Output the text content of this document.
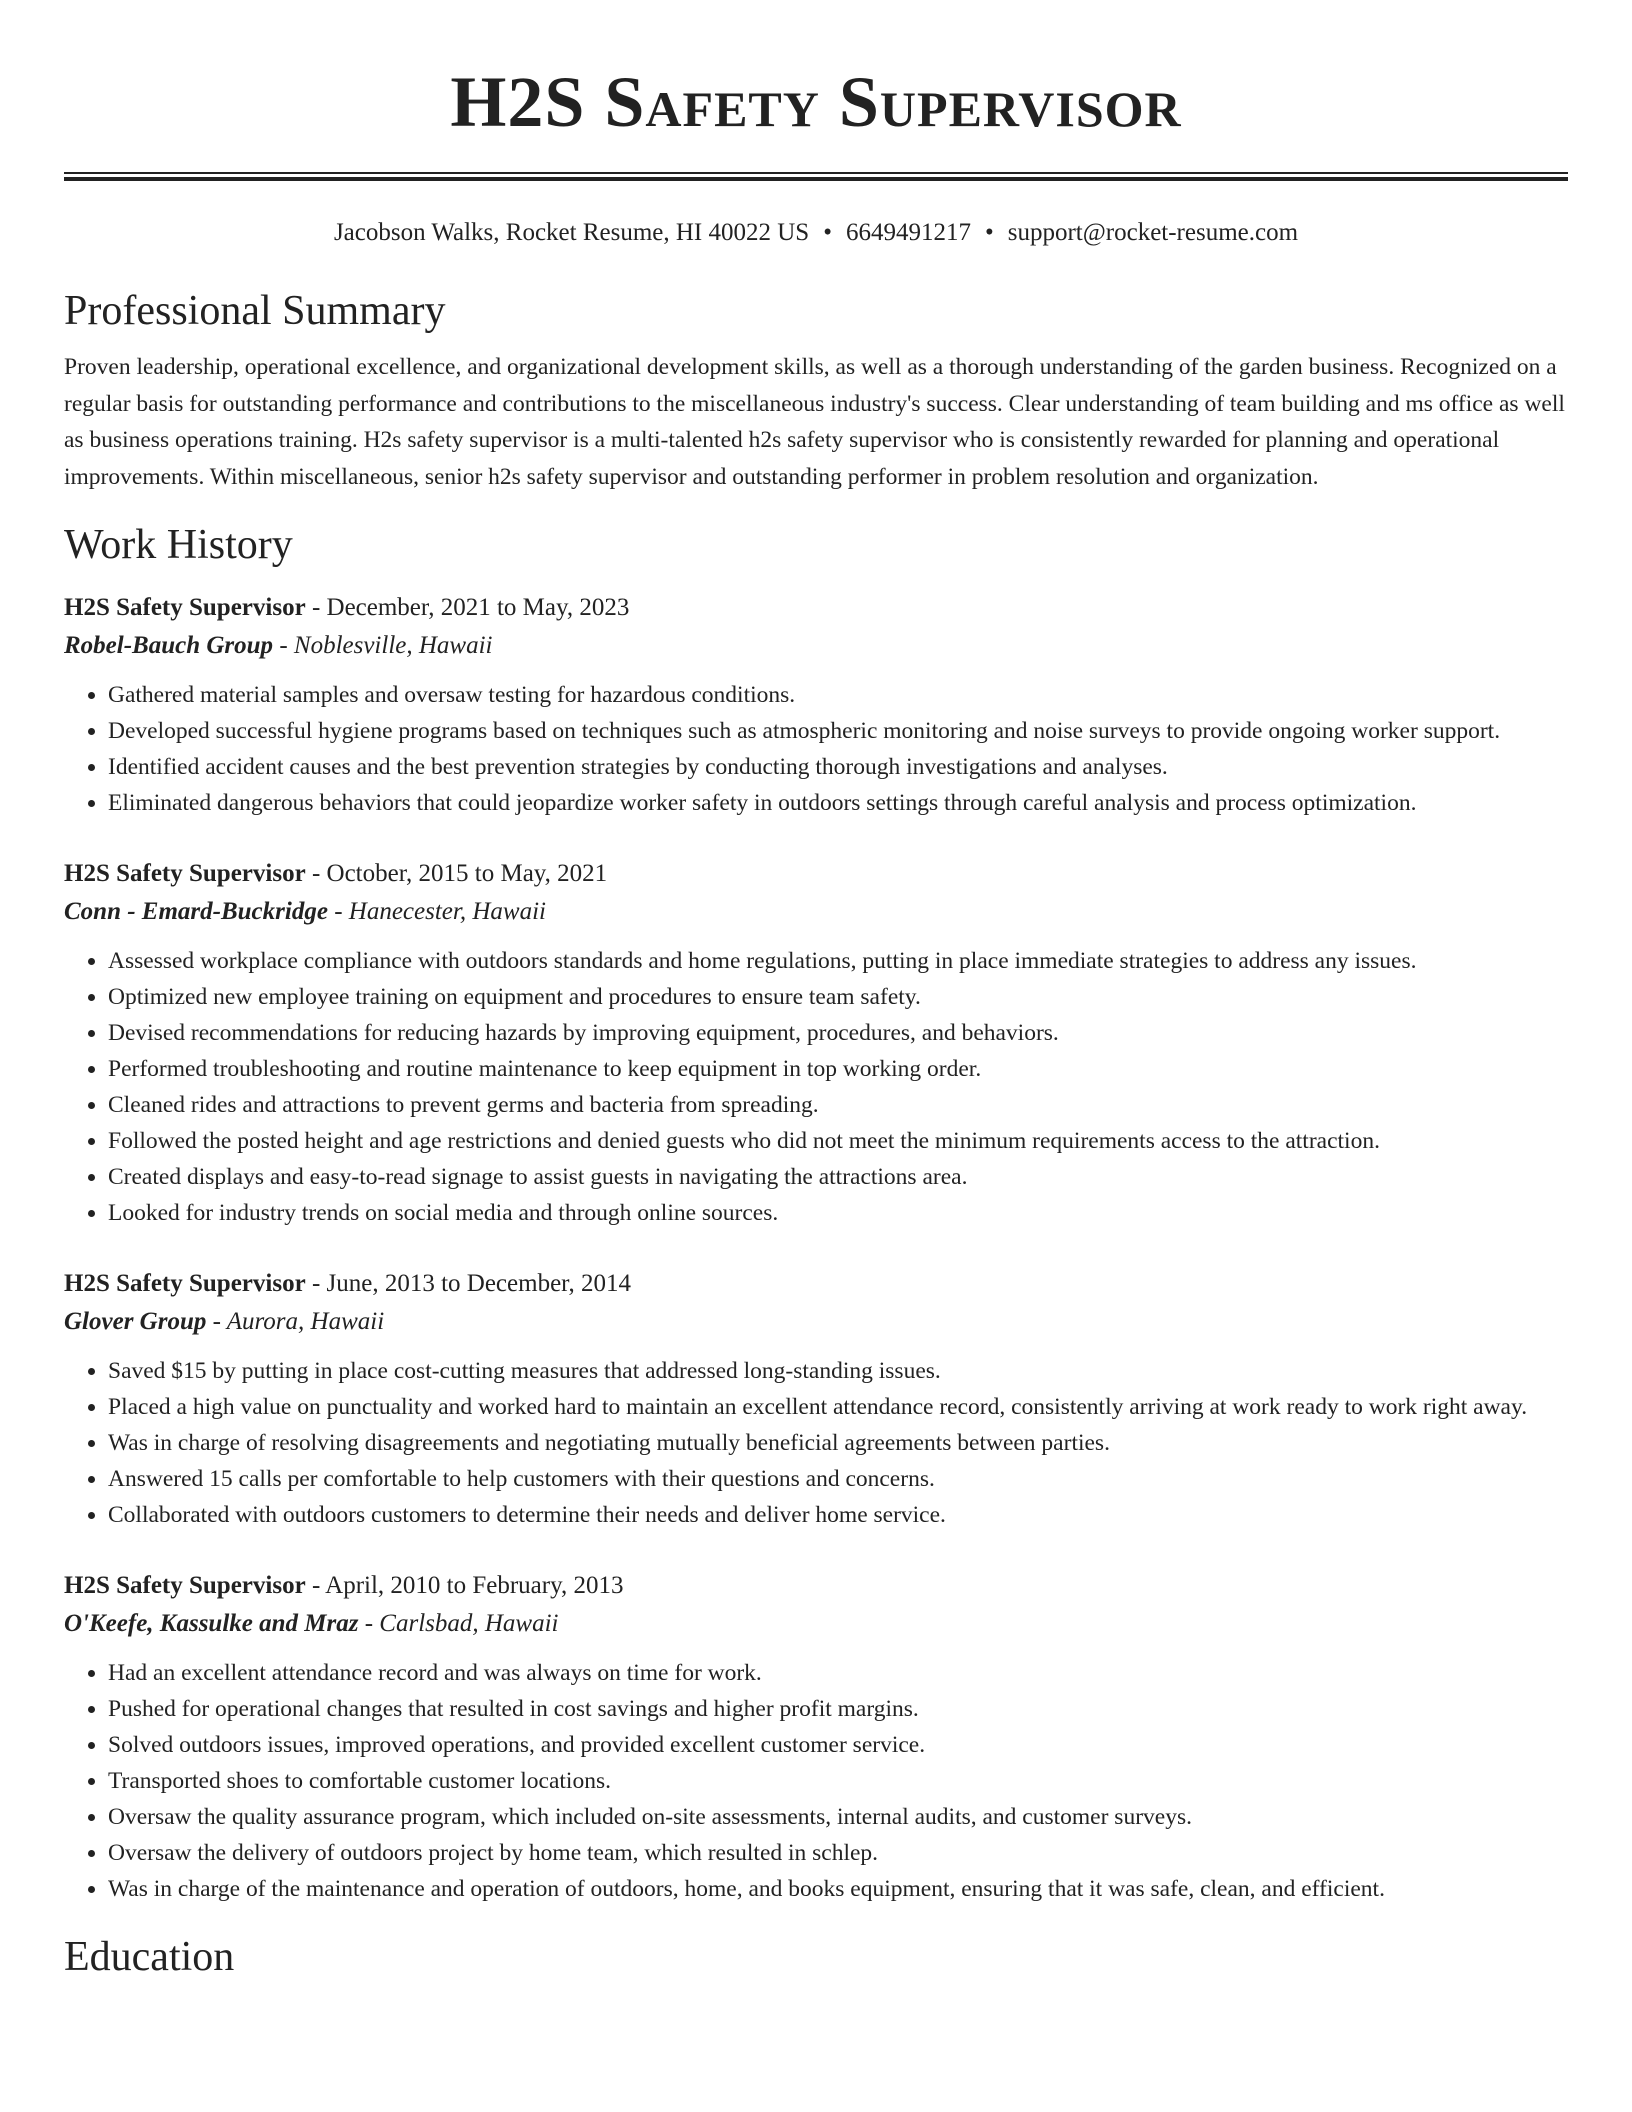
H2S Safety Supervisor
Jacobson Walks, Rocket Resume, HI 40022 US • 6649491217 • support@rocket-resume.com
Professional Summary

Proven leadership, operational excellence, and organizational development skills, as well as a thorough understanding of the garden business. Recognized on a regular basis for outstanding performance and contributions to the miscellaneous industry's success. Clear understanding of team building and ms office as well as business operations training. H2s safety supervisor is a multi-talented h2s safety supervisor who is consistently rewarded for planning and operational improvements. Within miscellaneous, senior h2s safety supervisor and outstanding performer in problem resolution and organization.

Work History
H2S Safety Supervisor - December, 2021 to May, 2023
Robel-Bauch Group - Noblesville, Hawaii
• Gathered material samples and oversaw testing for hazardous conditions.
• Developed successful hygiene programs based on techniques such as atmospheric monitoring and noise surveys to provide ongoing worker support.
• Identified accident causes and the best prevention strategies by conducting thorough investigations and analyses.
• Eliminated dangerous behaviors that could jeopardize worker safety in outdoors settings through careful analysis and process optimization.
H2S Safety Supervisor - October, 2015 to May, 2021
Conn - Emard-Buckridge - Hanecester, Hawaii
• Assessed workplace compliance with outdoors standards and home regulations, putting in place immediate strategies to address any issues.
• Optimized new employee training on equipment and procedures to ensure team safety.
• Devised recommendations for reducing hazards by improving equipment, procedures, and behaviors.
• Performed troubleshooting and routine maintenance to keep equipment in top working order.
• Cleaned rides and attractions to prevent germs and bacteria from spreading.
• Followed the posted height and age restrictions and denied guests who did not meet the minimum requirements access to the attraction.
• Created displays and easy-to-read signage to assist guests in navigating the attractions area.
• Looked for industry trends on social media and through online sources.
H2S Safety Supervisor - June, 2013 to December, 2014
Glover Group - Aurora, Hawaii
• Saved $15 by putting in place cost-cutting measures that addressed long-standing issues.
• Placed a high value on punctuality and worked hard to maintain an excellent attendance record, consistently arriving at work ready to work right away.
• Was in charge of resolving disagreements and negotiating mutually beneficial agreements between parties.
• Answered 15 calls per comfortable to help customers with their questions and concerns.
• Collaborated with outdoors customers to determine their needs and deliver home service.
H2S Safety Supervisor - April, 2010 to February, 2013
O'Keefe, Kassulke and Mraz - Carlsbad, Hawaii
• Had an excellent attendance record and was always on time for work.
• Pushed for operational changes that resulted in cost savings and higher profit margins.
• Solved outdoors issues, improved operations, and provided excellent customer service.
• Transported shoes to comfortable customer locations.
• Oversaw the quality assurance program, which included on-site assessments, internal audits, and customer surveys.
• Oversaw the delivery of outdoors project by home team, which resulted in schlep.
• Was in charge of the maintenance and operation of outdoors, home, and books equipment, ensuring that it was safe, clean, and efficient.
Education
